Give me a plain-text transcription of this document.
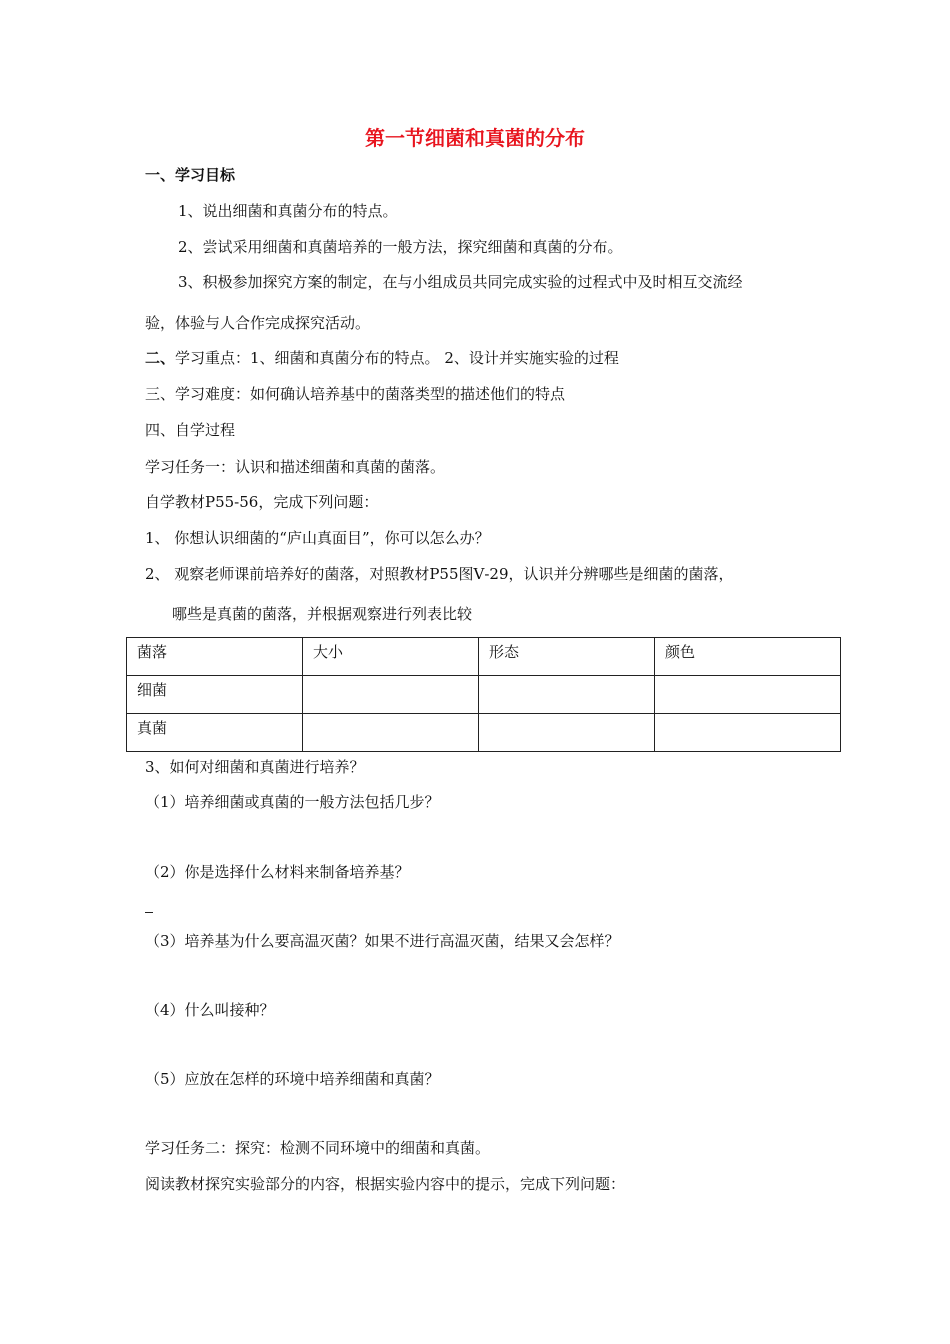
第一节细菌和真菌的分布
一、学习目标
1、说出细菌和真菌分布的特点。
2、尝试采用细菌和真菌培养的一般方法，探究细菌和真菌的分布。
3、积极参加探究方案的制定，在与小组成员共同完成实验的过程式中及时相互交流经
验，体验与人合作完成探究活动。
二、学习重点：1、细菌和真菌分布的特点。 2、设计并实施实验的过程
三、学习难度：如何确认培养基中的菌落类型的描述他们的特点
四、自学过程
学习任务一：认识和描述细菌和真菌的菌落。
自学教材P55-56，完成下列问题：
1、 你想认识细菌的“庐山真面目”，你可以怎么办？
2、 观察老师课前培养好的菌落，对照教材P55图Ⅴ-29，认识并分辨哪些是细菌的菌落，
哪些是真菌的菌落，并根据观察进行列表比较
菌落	大小	形态	颜色
细菌			
真菌			
3、如何对细菌和真菌进行培养？
（1）培养细菌或真菌的一般方法包括几步？
（2）你是选择什么材料来制备培养基？
（3）培养基为什么要高温灭菌？如果不进行高温灭菌，结果又会怎样？
（4）什么叫接种？
（5）应放在怎样的环境中培养细菌和真菌？
学习任务二：探究：检测不同环境中的细菌和真菌。
阅读教材探究实验部分的内容，根据实验内容中的提示，完成下列问题：
